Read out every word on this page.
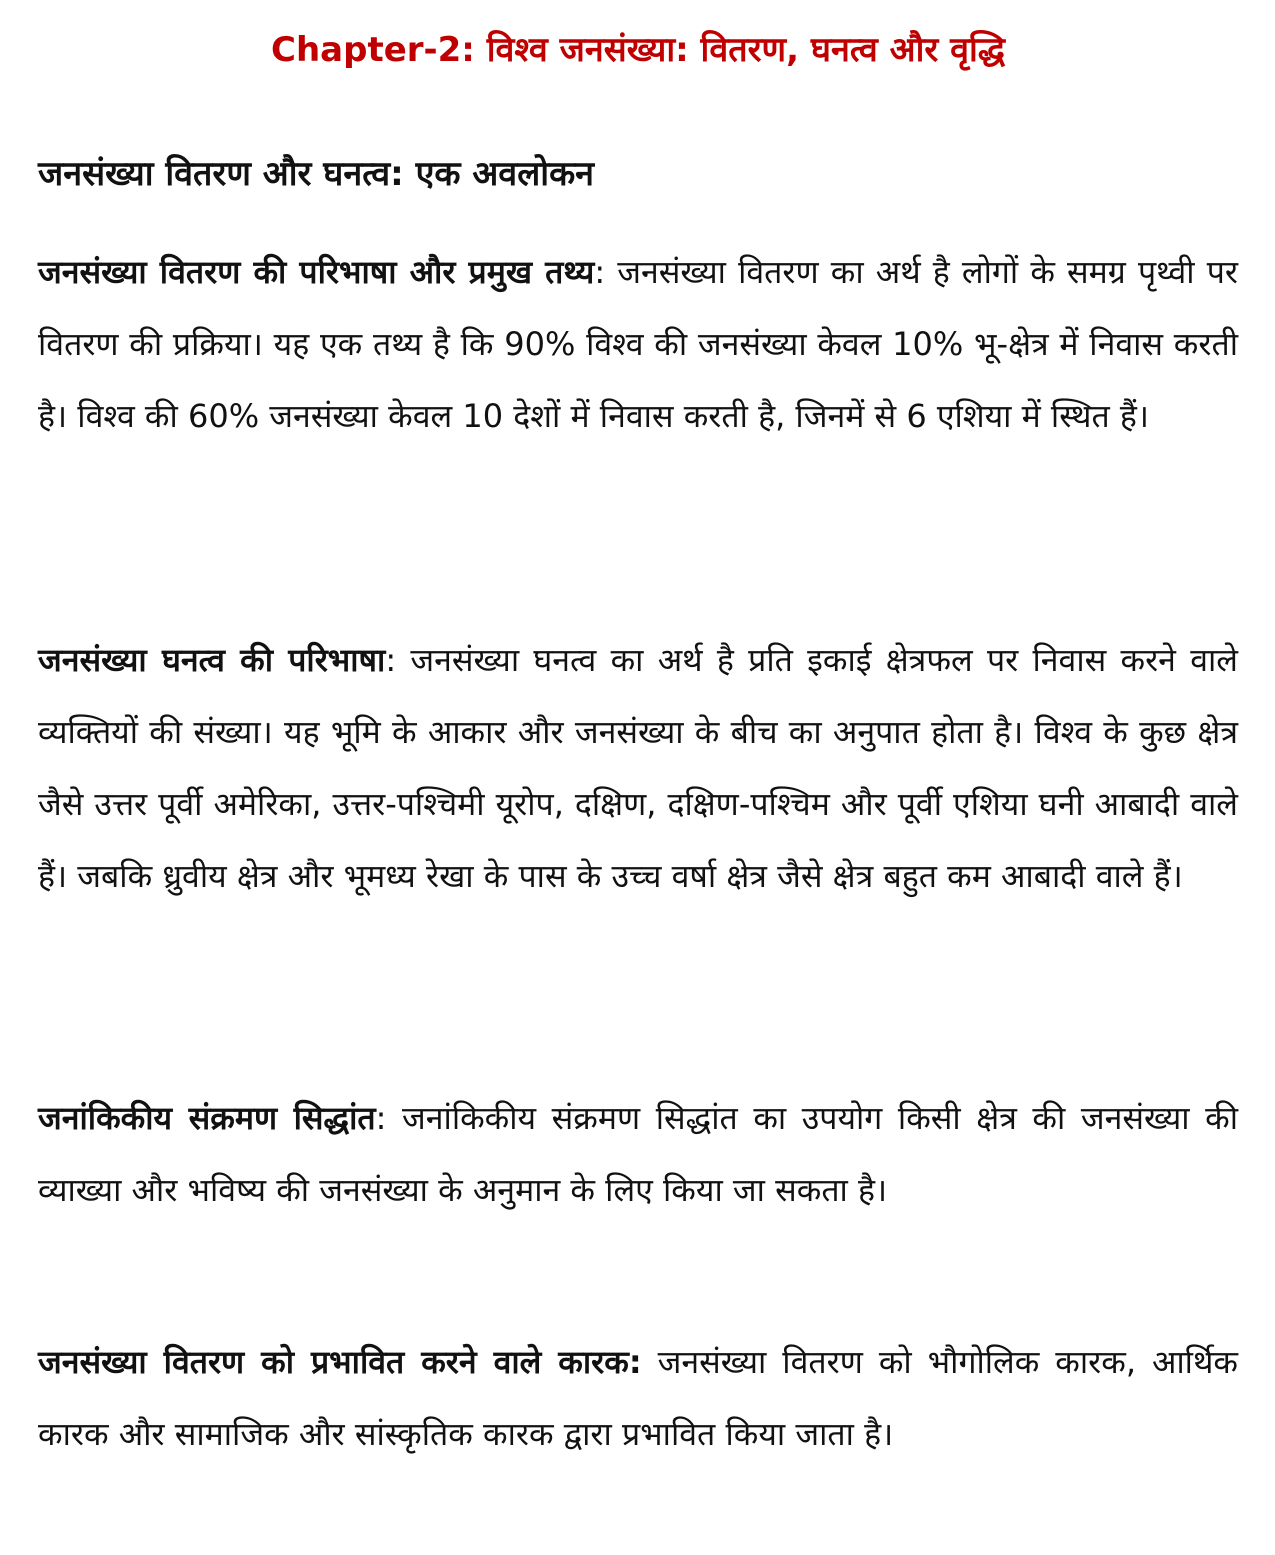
Chapter-2: विश्व जनसंख्या: वितरण, घनत्व और वृद्धि
जनसंख्या वितरण और घनत्व: एक अवलोकन

जनसंख्या वितरण की परिभाषा और प्रमुख तथ्य: जनसंख्या वितरण का अर्थ है लोगों के समग्र पृथ्वी पर वितरण की प्रक्रिया। यह एक तथ्य है कि 90% विश्व की जनसंख्या केवल 10% भू-क्षेत्र में निवास करती है। विश्व की 60% जनसंख्या केवल 10 देशों में निवास करती है, जिनमें से 6 एशिया में स्थित हैं।

जनसंख्या घनत्व की परिभाषा: जनसंख्या घनत्व का अर्थ है प्रति इकाई क्षेत्रफल पर निवास करने वाले व्यक्तियों की संख्या। यह भूमि के आकार और जनसंख्या के बीच का अनुपात होता है। विश्व के कुछ क्षेत्र जैसे उत्तर पूर्वी अमेरिका, उत्तर-पश्चिमी यूरोप, दक्षिण, दक्षिण-पश्चिम और पूर्वी एशिया घनी आबादी वाले हैं। जबकि ध्रुवीय क्षेत्र और भूमध्य रेखा के पास के उच्च वर्षा क्षेत्र जैसे क्षेत्र बहुत कम आबादी वाले हैं।

जनांकिकीय संक्रमण सिद्धांत: जनांकिकीय संक्रमण सिद्धांत का उपयोग किसी क्षेत्र की जनसंख्या की व्याख्या और भविष्य की जनसंख्या के अनुमान के लिए किया जा सकता है।

जनसंख्या वितरण को प्रभावित करने वाले कारक: जनसंख्या वितरण को भौगोलिक कारक, आर्थिक कारक और सामाजिक और सांस्कृतिक कारक द्वारा प्रभावित किया जाता है।
